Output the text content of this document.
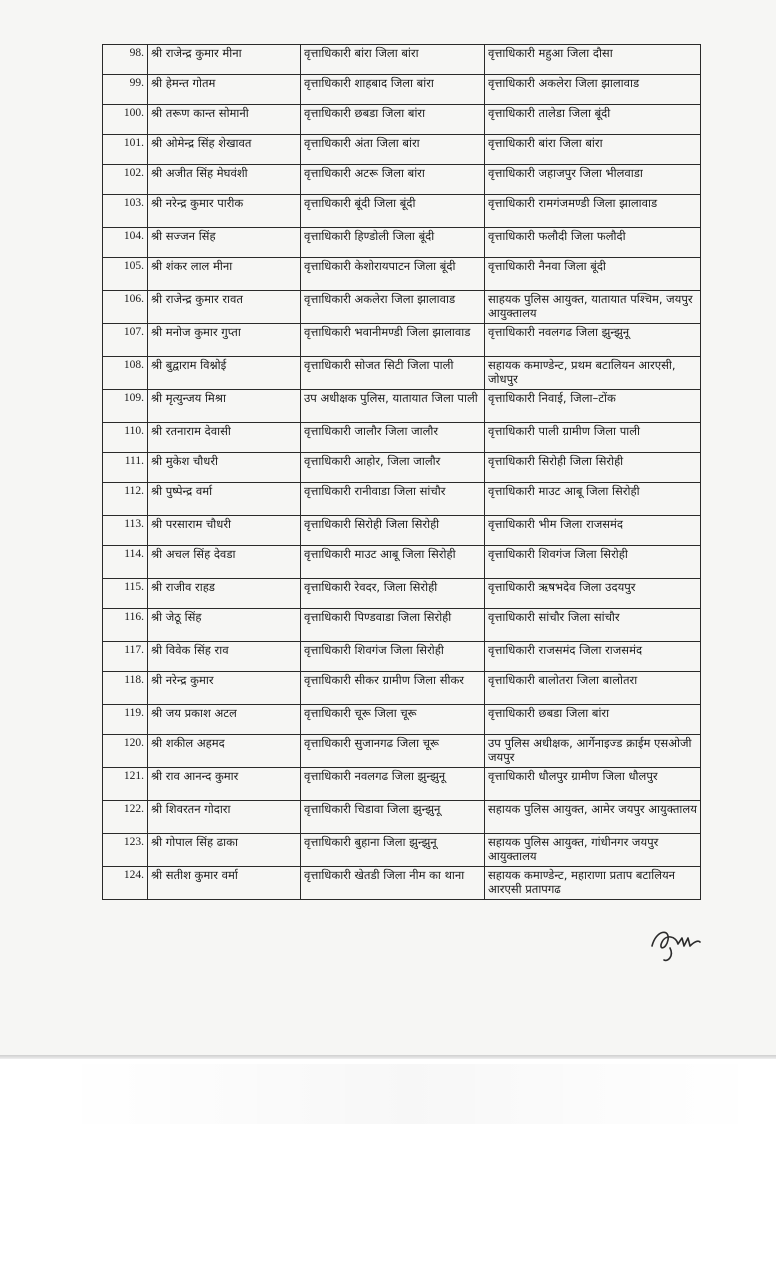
98.	श्री राजेन्द्र कुमार मीना	वृत्ताधिकारी बांरा जिला बांरा	वृत्ताधिकारी महुआ जिला दौसा
99.	श्री हेमन्त गोतम	वृत्ताधिकारी शाहबाद जिला बांरा	वृत्ताधिकारी अकलेरा जिला झालावाड
100.	श्री तरूण कान्त सोमानी	वृत्ताधिकारी छबडा जिला बांरा	वृत्ताधिकारी तालेडा जिला बूंदी
101.	श्री ओमेन्द्र सिंह शेखावत	वृत्ताधिकारी अंता जिला बांरा	वृत्ताधिकारी बांरा जिला बांरा
102.	श्री अजीत सिंह मेघवंशी	वृत्ताधिकारी अटरू जिला बांरा	वृत्ताधिकारी जहाजपुर जिला भीलवाडा
103.	श्री नरेन्द्र कुमार पारीक	वृत्ताधिकारी बूंदी जिला बूंदी	वृत्ताधिकारी रामगंजमण्डी जिला झालावाड
104.	श्री सज्जन सिंह	वृत्ताधिकारी हिण्डोली जिला बूंदी	वृत्ताधिकारी फलौदी जिला फलौदी
105.	श्री शंकर लाल मीना	वृत्ताधिकारी केशोरायपाटन जिला बूंदी	वृत्ताधिकारी नैनवा जिला बूंदी
106.	श्री राजेन्द्र कुमार रावत	वृत्ताधिकारी अकलेरा जिला झालावाड	साहयक पुलिस आयुक्त, यातायात पश्चिम, जयपुर आयुक्तालय
107.	श्री मनोज कुमार गुप्ता	वृत्ताधिकारी भवानीमण्डी जिला झालावाड	वृत्ताधिकारी नवलगढ जिला झुन्झुनू
108.	श्री बुद्वाराम विश्नोई	वृत्ताधिकारी सोजत सिटी जिला पाली	सहायक कमाण्डेन्ट, प्रथम बटालियन आरएसी, जोधपुर
109.	श्री मृत्युन्जय मिश्रा	उप अधीक्षक पुलिस, यातायात जिला पाली	वृत्ताधिकारी निवाई, जिला–टोंक
110.	श्री रतनाराम देवासी	वृत्ताधिकारी जालौर जिला जालौर	वृत्ताधिकारी पाली ग्रामीण जिला पाली
111.	श्री मुकेश चौधरी	वृत्ताधिकारी आहोर, जिला जालौर	वृत्ताधिकारी सिरोही जिला सिरोही
112.	श्री पुष्पेन्द्र वर्मा	वृत्ताधिकारी रानीवाडा जिला सांचौर	वृत्ताधिकारी माउट आबू जिला सिरोही
113.	श्री परसाराम चौधरी	वृत्ताधिकारी सिरोही जिला सिरोही	वृत्ताधिकारी भीम जिला राजसमंद
114.	श्री अचल सिंह देवडा	वृत्ताधिकारी माउट आबू जिला सिरोही	वृत्ताधिकारी शिवगंज जिला सिरोही
115.	श्री राजीव राहड	वृत्ताधिकारी रेवदर, जिला सिरोही	वृत्ताधिकारी ऋषभदेव जिला उदयपुर
116.	श्री जेठू सिंह	वृत्ताधिकारी पिण्डवाडा जिला सिरोही	वृत्ताधिकारी सांचौर जिला सांचौर
117.	श्री विवेक सिंह राव	वृत्ताधिकारी शिवगंज जिला सिरोही	वृत्ताधिकारी राजसमंद जिला राजसमंद
118.	श्री नरेन्द्र कुमार	वृत्ताधिकारी सीकर ग्रामीण जिला सीकर	वृत्ताधिकारी बालोतरा जिला बालोतरा
119.	श्री जय प्रकाश अटल	वृत्ताधिकारी चूरू जिला चूरू	वृत्ताधिकारी छबडा जिला बांरा
120.	श्री शकील अहमद	वृत्ताधिकारी सुजानगढ जिला चूरू	उप पुलिस अधीक्षक, आर्गेनाइज्ड क्राईम एसओजी जयपुर
121.	श्री राव आनन्द कुमार	वृत्ताधिकारी नवलगढ जिला झुन्झुनू	वृत्ताधिकारी धौलपुर ग्रामीण जिला धौलपुर
122.	श्री शिवरतन गोदारा	वृत्ताधिकारी चिडावा जिला झुन्झुनू	सहायक पुलिस आयुक्त, आमेर जयपुर आयुक्तालय
123.	श्री गोपाल सिंह ढाका	वृत्ताधिकारी बुहाना जिला झुन्झुनू	सहायक पुलिस आयुक्त, गांधीनगर जयपुर आयुक्तालय
124.	श्री सतीश कुमार वर्मा	वृत्ताधिकारी खेतडी जिला नीम का थाना	सहायक कमाण्डेन्ट, महाराणा प्रताप बटालियन आरएसी प्रतापगढ
